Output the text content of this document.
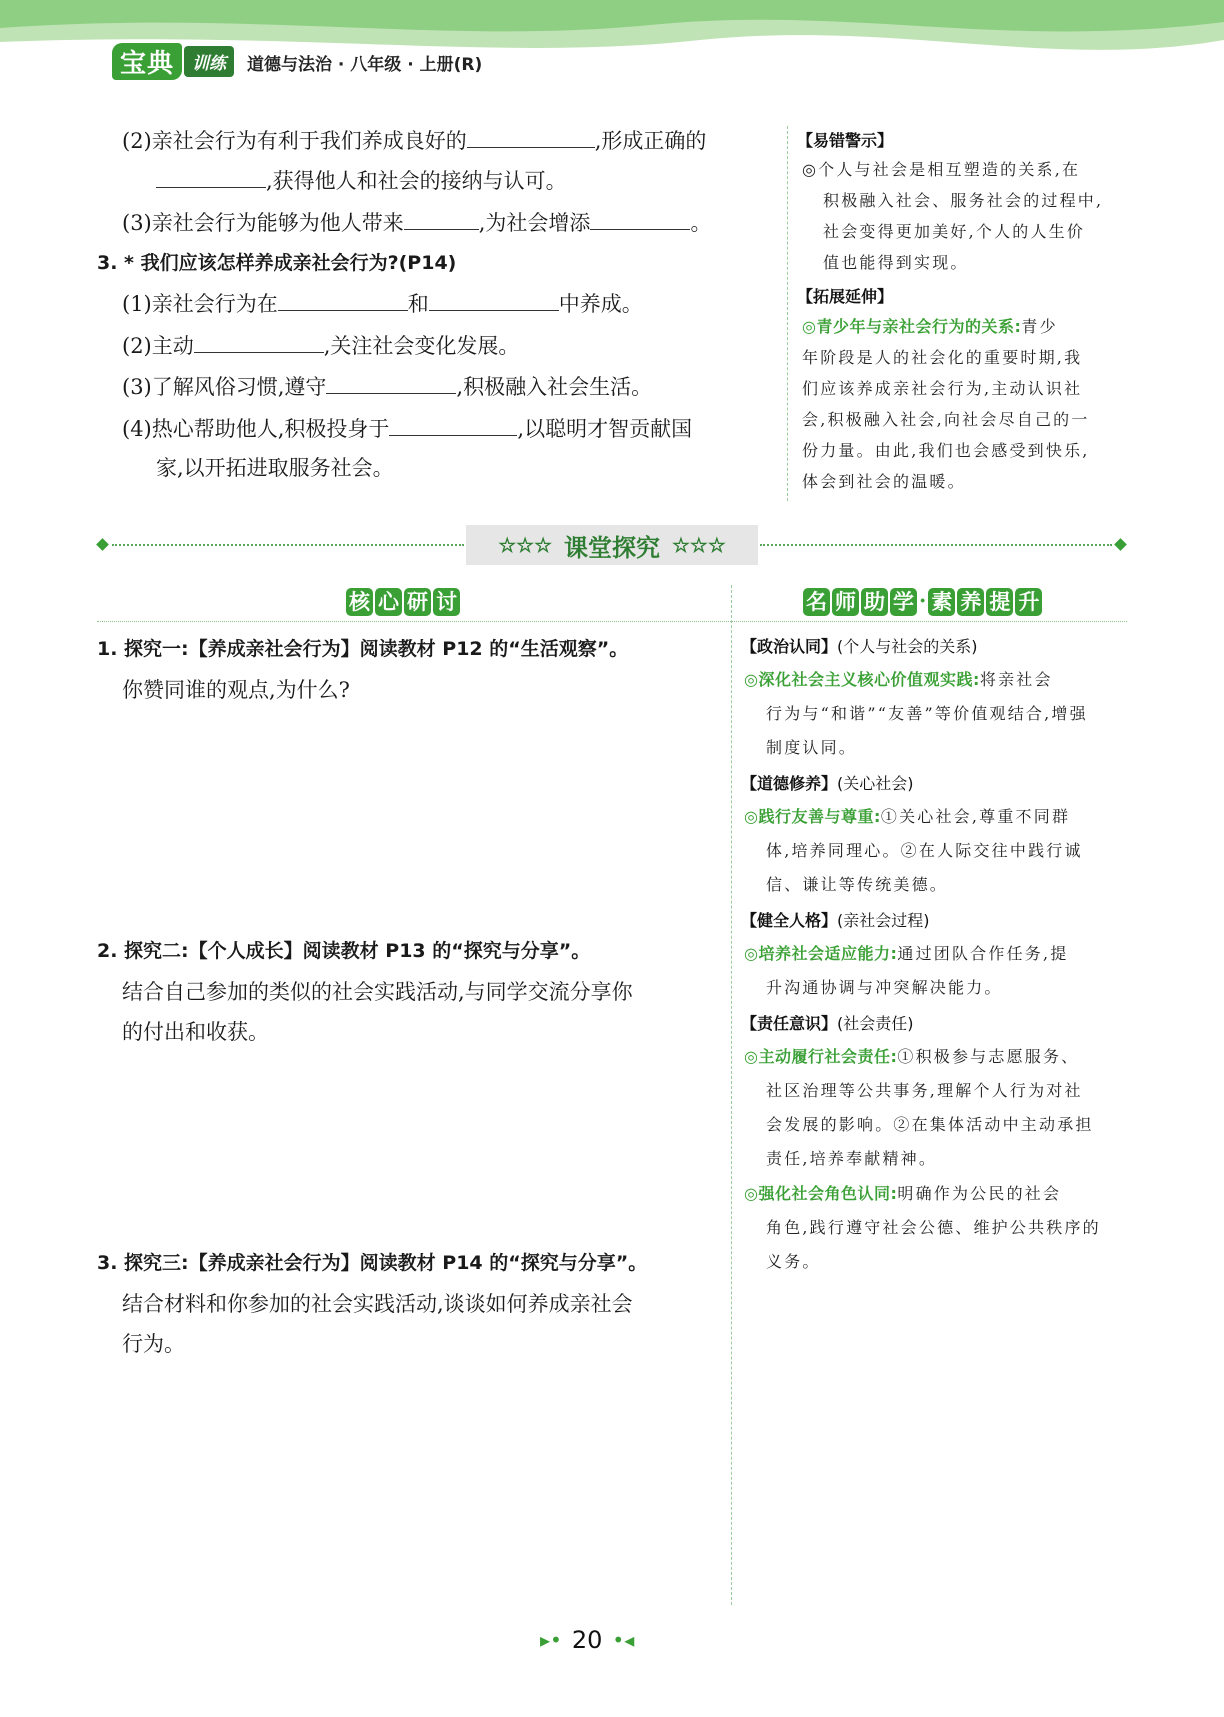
宝典	训练	道德与法治 · 八年级 · 上册(R)
(2)亲社会行为有利于我们养成良好的	,形成正确的
,获得他人和社会的接纳与认可。
(3)亲社会行为能够为他人带来	,为社会增添	。
3. * 我们应该怎样养成亲社会行为?(P14)
(1)亲社会行为在	和	中养成。
(2)主动	,关注社会变化发展。
(3)了解风俗习惯,遵守	,积极融入社会生活。
(4)热心帮助他人,积极投身于	,以聪明才智贡献国
家,以开拓进取服务社会。
【易错警示】
◎个人与社会是相互塑造的关系,在
积极融入社会、服务社会的过程中,
社会变得更加美好,个人的人生价
值也能得到实现。
【拓展延伸】
◎青少年与亲社会行为的关系:青少
年阶段是人的社会化的重要时期,我
们应该养成亲社会行为,主动认识社
会,积极融入社会,向社会尽自己的一
份力量。由此,我们也会感受到快乐,
体会到社会的温暖。
☆☆☆ 课堂探究 ☆☆☆
核 心 研 讨	名 师 助 学 · 素 养 提 升
1. 探究一:【养成亲社会行为】阅读教材 P12 的“生活观察”。
你赞同谁的观点,为什么?
2. 探究二:【个人成长】阅读教材 P13 的“探究与分享”。
结合自己参加的类似的社会实践活动,与同学交流分享你
的付出和收获。
3. 探究三:【养成亲社会行为】阅读教材 P14 的“探究与分享”。
结合材料和你参加的社会实践活动,谈谈如何养成亲社会
行为。
【政治认同】(个人与社会的关系)
◎深化社会主义核心价值观实践:将亲社会
行为与“和谐”“友善”等价值观结合,增强
制度认同。
【道德修养】(关心社会)
◎践行友善与尊重:①关心社会,尊重不同群
体,培养同理心。②在人际交往中践行诚
信、谦让等传统美德。
【健全人格】(亲社会过程)
◎培养社会适应能力:通过团队合作任务,提
升沟通协调与冲突解决能力。
【责任意识】(社会责任)
◎主动履行社会责任:①积极参与志愿服务、
社区治理等公共事务,理解个人行为对社
会发展的影响。②在集体活动中主动承担
责任,培养奉献精神。
◎强化社会角色认同:明确作为公民的社会
角色,践行遵守社会公德、维护公共秩序的
义务。
▸• 20 •◂
